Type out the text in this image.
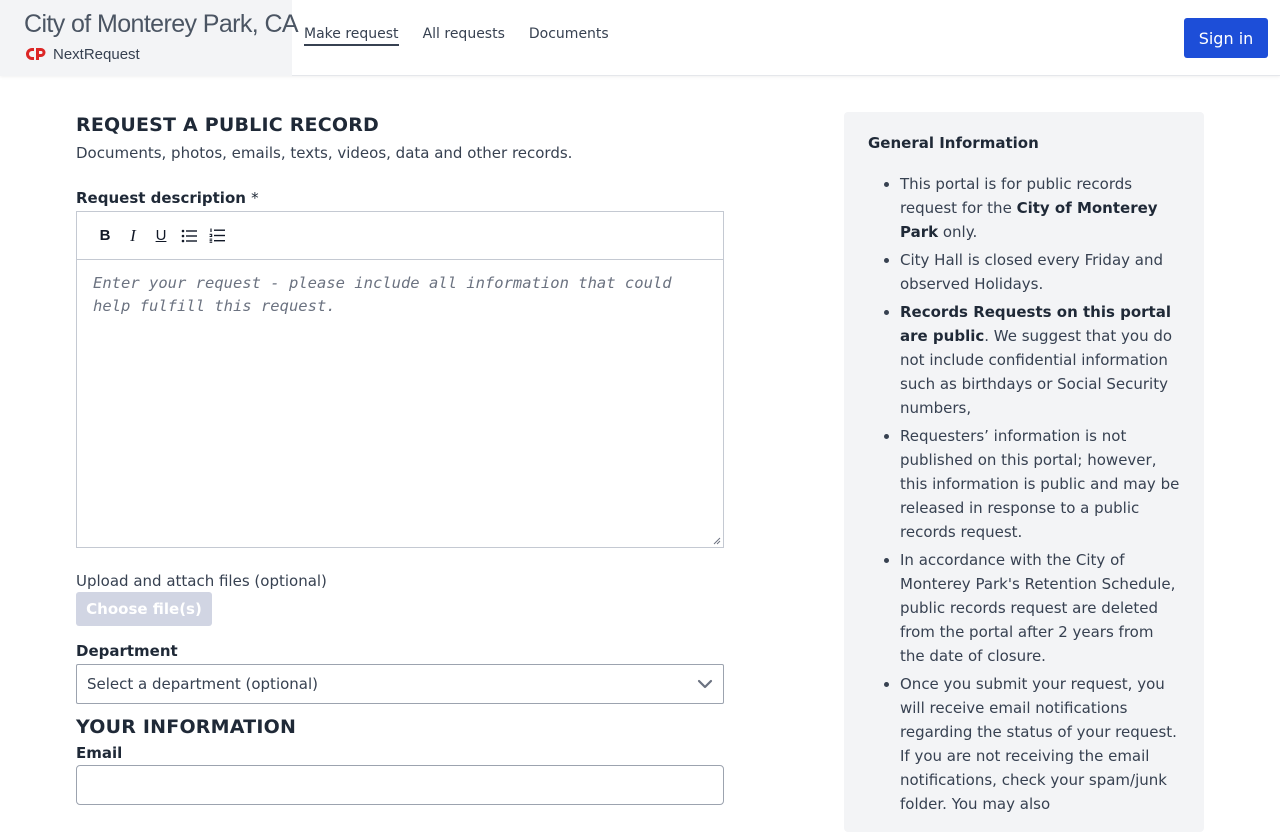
City of Monterey Park, CA
NextRequest
Make request All requests Documents	Sign in
REQUEST A PUBLIC RECORD

Documents, photos, emails, texts, videos, data and other records.

Request description *
B	I	U
Enter your request - please include all information that could help fulfill this request.
Upload and attach files (optional)
Choose file(s)
Department
Select a department (optional)
YOUR INFORMATION
Email
General Information
• This portal is for public records request for the City of Monterey Park only.
• City Hall is closed every Friday and observed Holidays.
• Records Requests on this portal are public. We suggest that you do not include confidential information such as birthdays or Social Security numbers,
• Requesters’ information is not published on this portal; however, this information is public and may be released in response to a public records request.
• In accordance with the City of Monterey Park's Retention Schedule, public records request are deleted from the portal after 2 years from the date of closure.
• Once you submit your request, you will receive email notifications regarding the status of your request. If you are not receiving the email notifications, check your spam/junk folder. You may also
